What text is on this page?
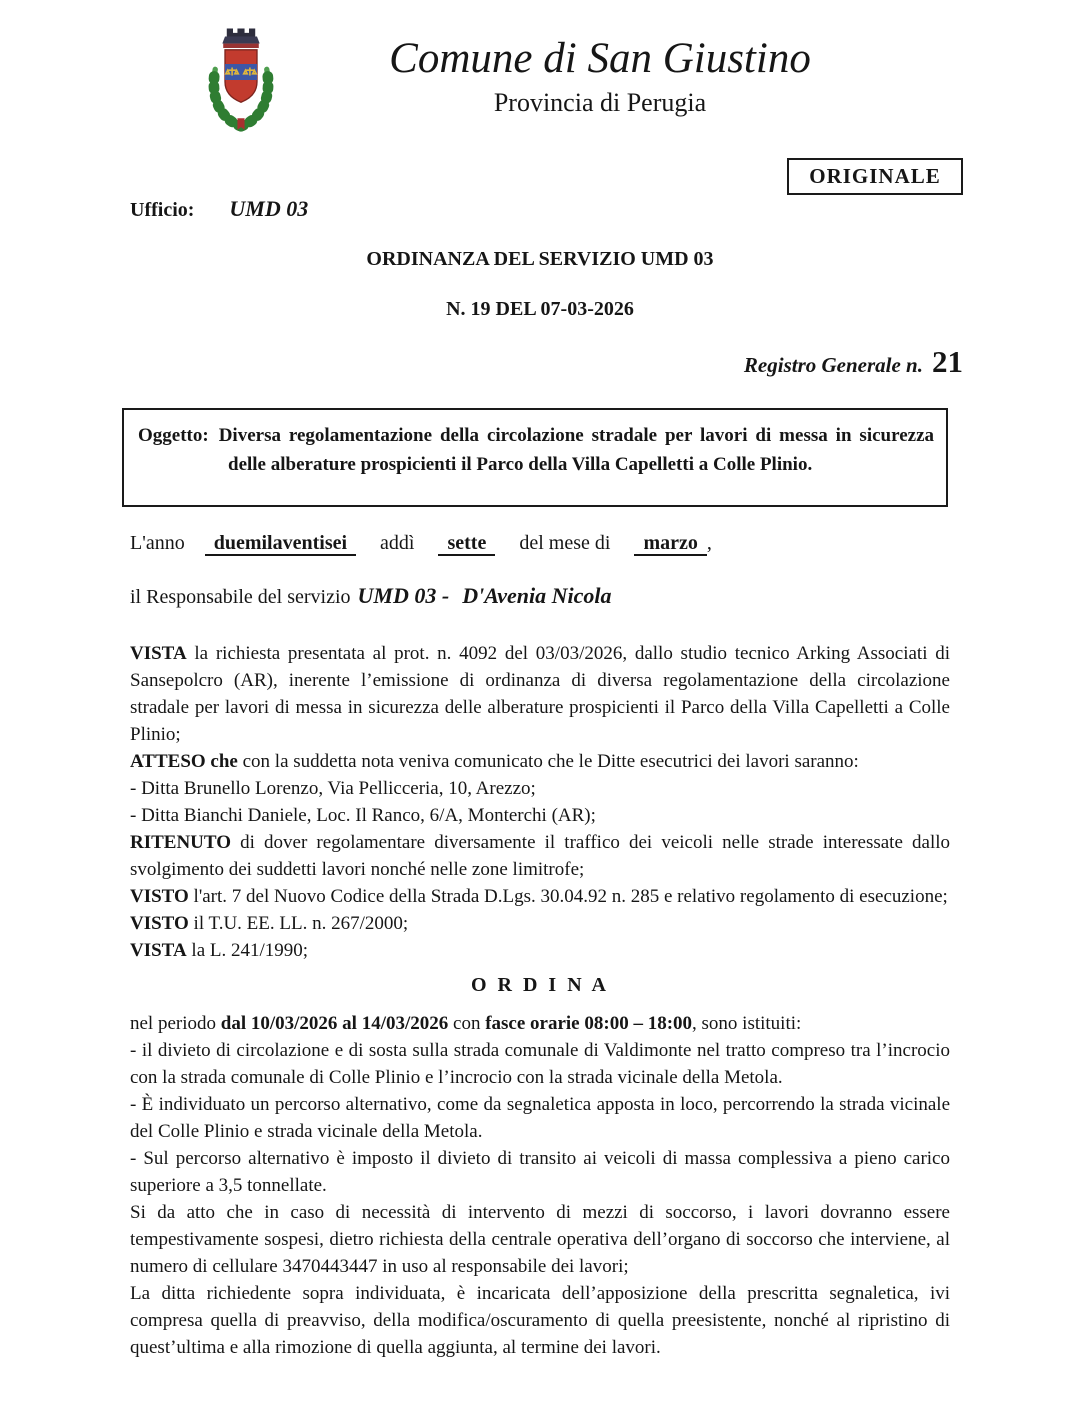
Comune di San Giustino
Provincia di Perugia
ORIGINALE
Ufficio: UMD 03
ORDINANZA DEL SERVIZIO UMD 03
N. 19 DEL 07-03-2026
Registro Generale n. 21

Oggetto: Diversa regolamentazione della circolazione stradale per lavori di messa in sicurezza delle alberature prospicienti il Parco della Villa Capelletti a Colle Plinio.

L'anno duemilaventisei addì sette del mese di marzo ,
il Responsabile del servizio UMD 03 - D'Avenia Nicola

VISTA la richiesta presentata al prot. n. 4092 del 03/03/2026, dallo studio tecnico Arking Associati di Sansepolcro (AR), inerente l’emissione di ordinanza di diversa regolamentazione della circolazione stradale per lavori di messa in sicurezza delle alberature prospicienti il Parco della Villa Capelletti a Colle Plinio;

ATTESO che con la suddetta nota veniva comunicato che le Ditte esecutrici dei lavori saranno:

- Ditta Brunello Lorenzo, Via Pellicceria, 10, Arezzo;

- Ditta Bianchi Daniele, Loc. Il Ranco, 6/A, Monterchi (AR);

RITENUTO di dover regolamentare diversamente il traffico dei veicoli nelle strade interessate dallo svolgimento dei suddetti lavori nonché nelle zone limitrofe;

VISTO l'art. 7 del Nuovo Codice della Strada D.Lgs. 30.04.92 n. 285 e relativo regolamento di esecuzione;

VISTO il T.U. EE. LL. n. 267/2000;

VISTA la L. 241/1990;

O R D I N A

nel periodo dal 10/03/2026 al 14/03/2026 con fasce orarie 08:00 – 18:00, sono istituiti:

- il divieto di circolazione e di sosta sulla strada comunale di Valdimonte nel tratto compreso tra l’incrocio con la strada comunale di Colle Plinio e l’incrocio con la strada vicinale della Metola.

- È individuato un percorso alternativo, come da segnaletica apposta in loco, percorrendo la strada vicinale del Colle Plinio e strada vicinale della Metola.

- Sul percorso alternativo è imposto il divieto di transito ai veicoli di massa complessiva a pieno carico superiore a 3,5 tonnellate.

Si da atto che in caso di necessità di intervento di mezzi di soccorso, i lavori dovranno essere tempestivamente sospesi, dietro richiesta della centrale operativa dell’organo di soccorso che interviene, al numero di cellulare 3470443447 in uso al responsabile dei lavori;

La ditta richiedente sopra individuata, è incaricata dell’apposizione della prescritta segnaletica, ivi compresa quella di preavviso, della modifica/oscuramento di quella preesistente, nonché al ripristino di quest’ultima e alla rimozione di quella aggiunta, al termine dei lavori.
